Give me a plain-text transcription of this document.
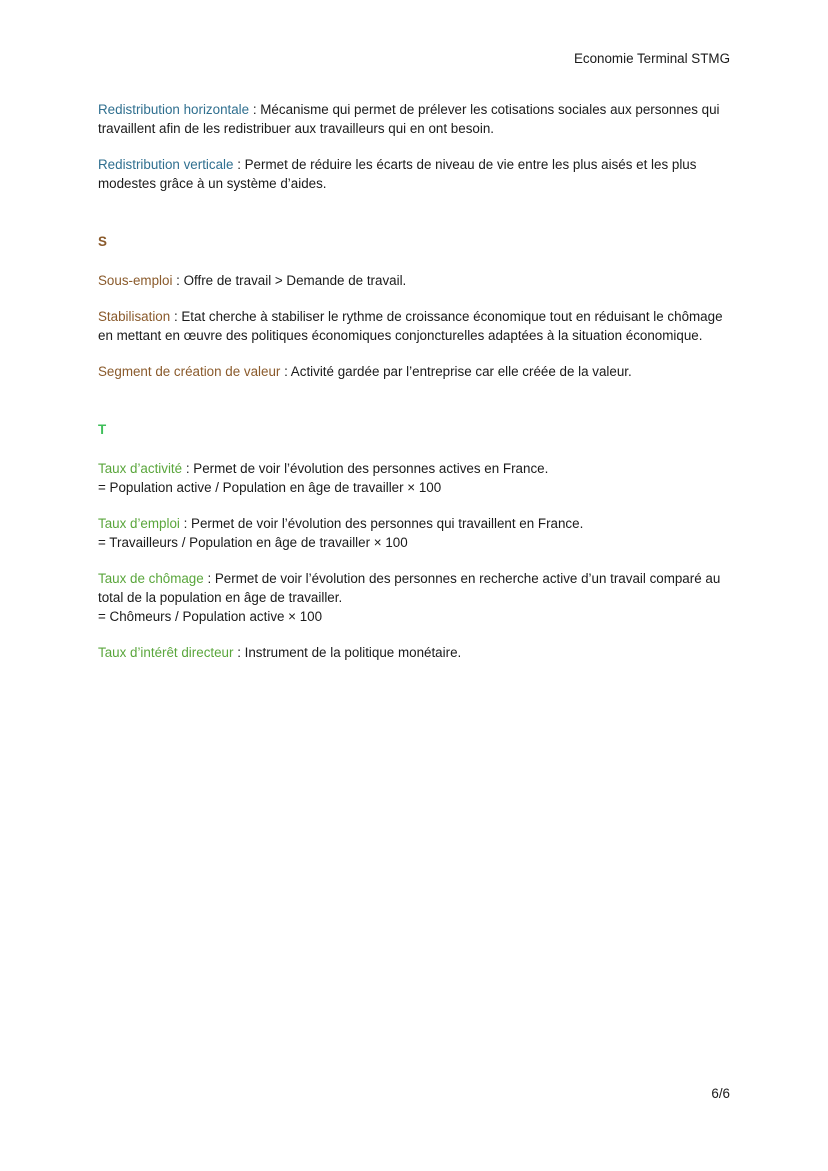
Economie Terminal STMG
Redistribution horizontale : Mécanisme qui permet de prélever les cotisations sociales aux personnes qui travaillent afin de les redistribuer aux travailleurs qui en ont besoin.
Redistribution verticale : Permet de réduire les écarts de niveau de vie entre les plus aisés et les plus modestes grâce à un système d’aides.
S
Sous-emploi : Offre de travail > Demande de travail.
Stabilisation : Etat cherche à stabiliser le rythme de croissance économique tout en réduisant le chômage en mettant en œuvre des politiques économiques conjoncturelles adaptées à la situation économique.
Segment de création de valeur : Activité gardée par l’entreprise car elle créée de la valeur.
T
Taux d’activité : Permet de voir l’évolution des personnes actives en France.
= Population active / Population en âge de travailler × 100
Taux d’emploi : Permet de voir l’évolution des personnes qui travaillent en France.
= Travailleurs / Population en âge de travailler × 100
Taux de chômage : Permet de voir l’évolution des personnes en recherche active d’un travail comparé au total de la population en âge de travailler.
= Chômeurs / Population active × 100
Taux d’intérêt directeur : Instrument de la politique monétaire.
6/6
